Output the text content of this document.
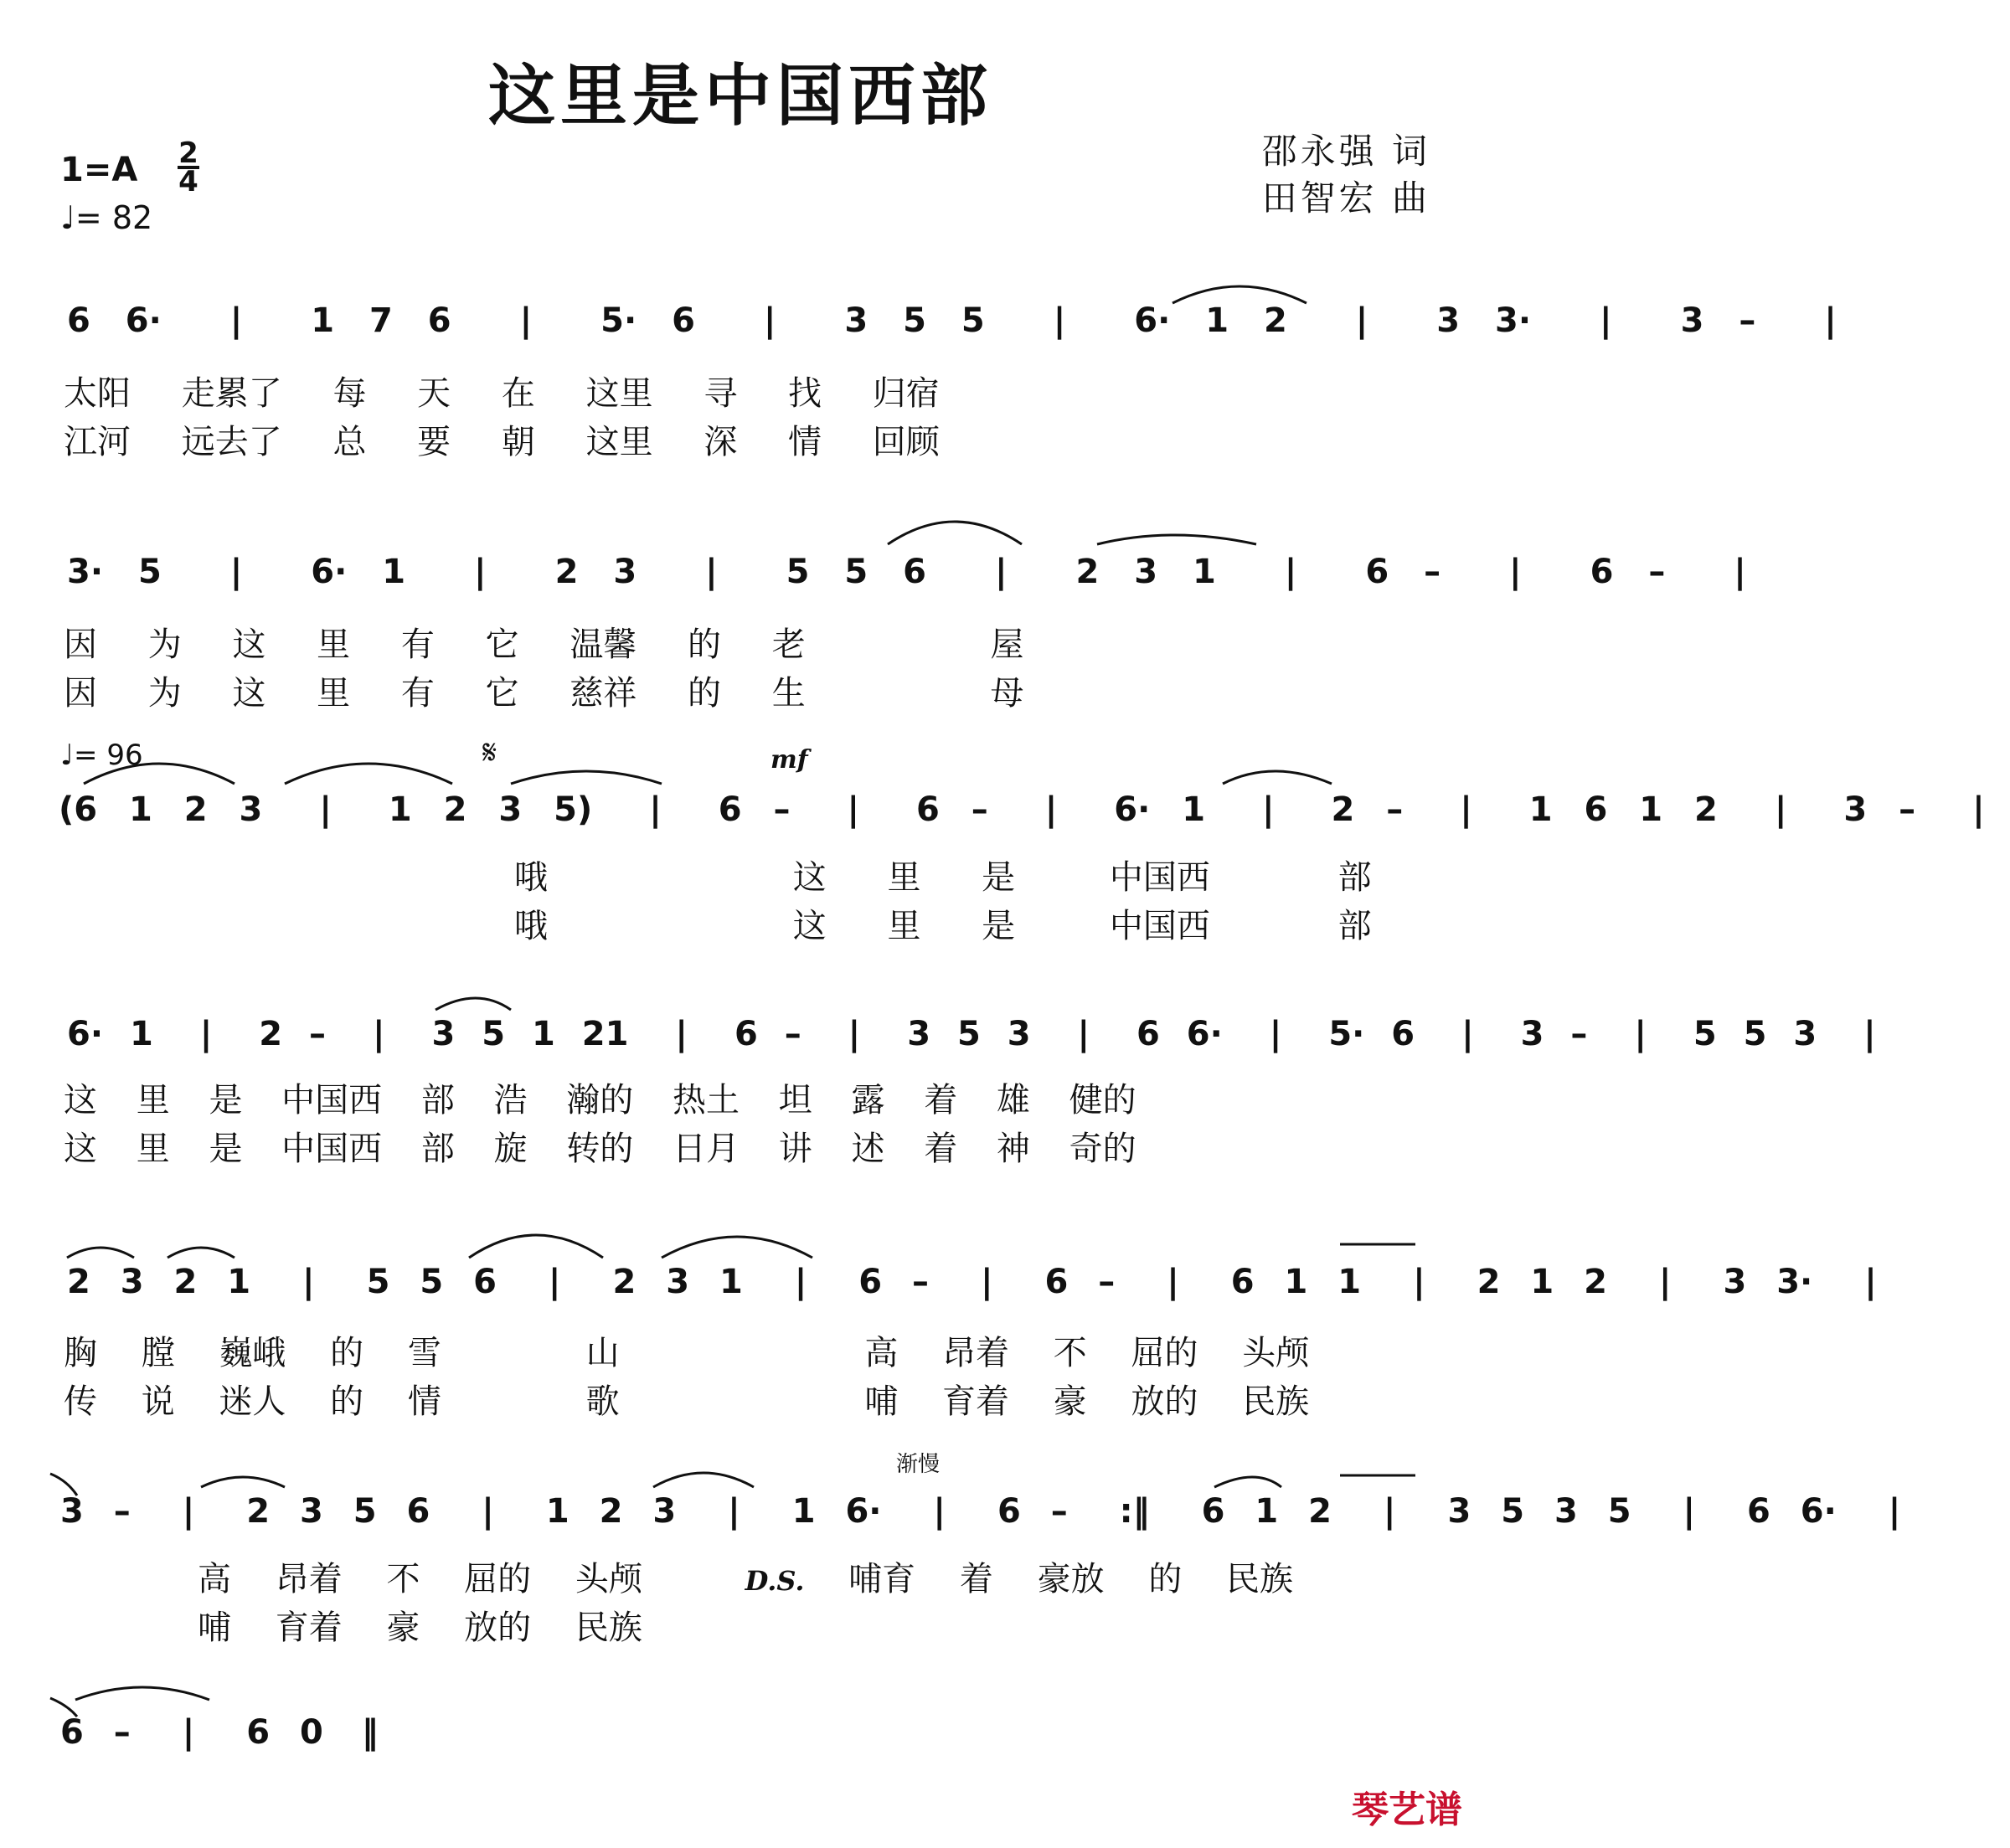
这里是中国西部
邵永强 词
田智宏 曲
1=A 2
4
♩= 82
6 6· | 1 7 6 | 5· 6 | 3 5 5 | 6· 1 2 | 3 3· | 3 – |
太阳 走累了 每 天 在 这里 寻 找 归宿
江河 远去了 总 要 朝 这里 深 情 回顾
3· 5 | 6· 1 | 2 3 | 5 5 6 | 2 3 1 | 6 – | 6 – |
因 为 这 里 有 它 温馨 的 老	屋
因 为 这 里 有 它 慈祥 的 生	母
♩= 96	𝄋	mf
(6 1 2 3 | 1 2 3 5) | 6 – | 6 – | 6· 1 | 2 – | 1 6 1 2 | 3 – |
哦	这 里 是	中国西	部
哦	这 里 是	中国西	部
6· 1 | 2 – | 3 5 1 21 | 6 – | 3 5 3 | 6 6· | 5· 6 | 3 – | 5 5 3 |
这 里 是 中国西 部 浩 瀚的 热土 坦 露 着 雄 健的
这 里 是 中国西 部 旋 转的 日月 讲 述 着 神 奇的
2 3 2 1 | 5 5 6 | 2 3 1 | 6 – | 6 – | 6 1 1 | 2 1 2 | 3 3· |
胸 膛 巍峨 的 雪	山	高 昂着 不 屈的 头颅
传 说 迷人 的 情	歌	哺 育着 豪 放的 民族
渐慢
3 – | 2 3 5 6 | 1 2 3 | 1 6· | 6 – :‖ 6 1 2 | 3 5 3 5 | 6 6· |
高 昂着 不 屈的 头颅	D.S. 哺育 着 豪放 的 民族
哺 育着 豪 放的 民族
6 – | 6 0 ‖
琴艺谱
